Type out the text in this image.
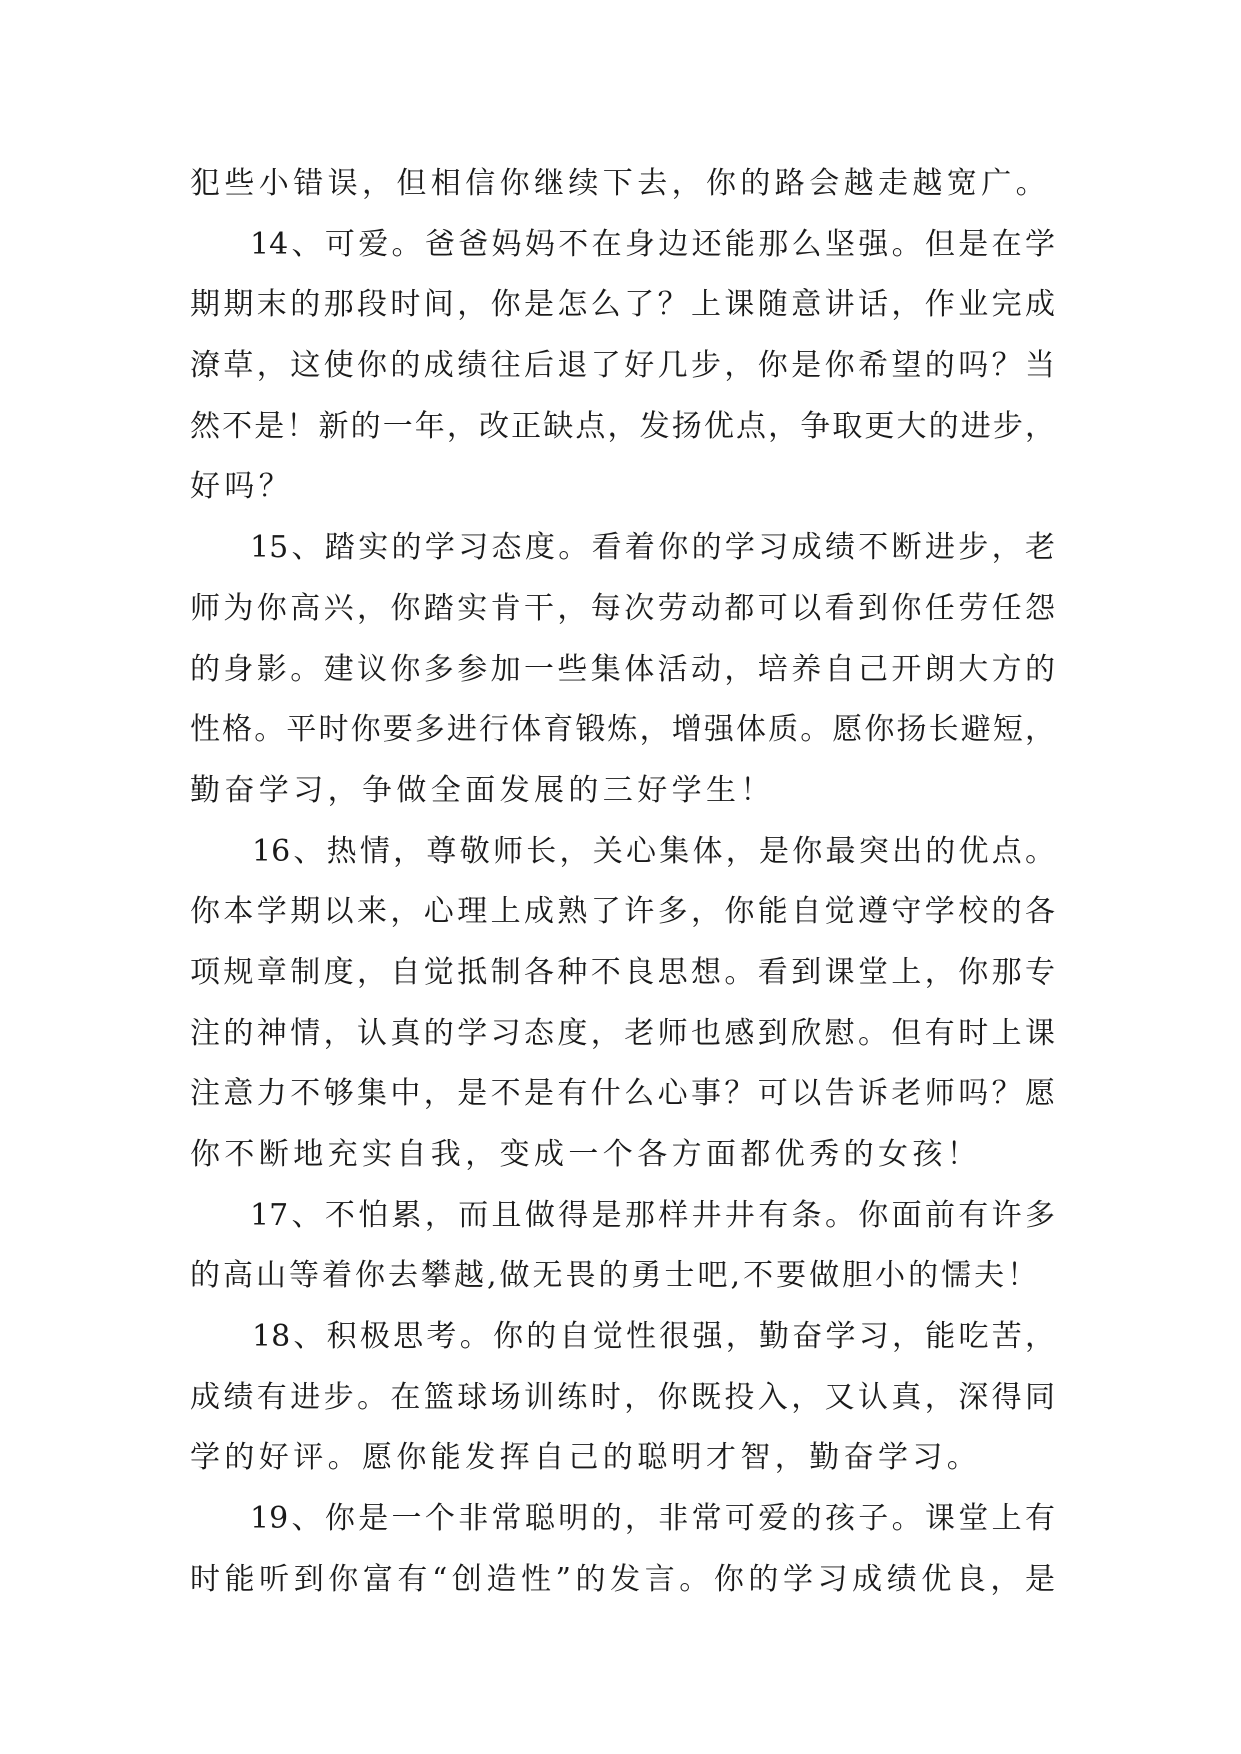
犯些小错误，但相信你继续下去，你的路会越走越宽广。
14、可爱。爸爸妈妈不在身边还能那么坚强。但是在学
期期末的那段时间，你是怎么了？上课随意讲话，作业完成
潦草，这使你的成绩往后退了好几步，你是你希望的吗？当
然不是！新的一年，改正缺点，发扬优点，争取更大的进步，
好吗？
15、踏实的学习态度。看着你的学习成绩不断进步，老
师为你高兴，你踏实肯干，每次劳动都可以看到你任劳任怨
的身影。建议你多参加一些集体活动，培养自己开朗大方的
性格。平时你要多进行体育锻炼，增强体质。愿你扬长避短，
勤奋学习，争做全面发展的三好学生！
16、热情，尊敬师长，关心集体，是你最突出的优点。
你本学期以来，心理上成熟了许多，你能自觉遵守学校的各
项规章制度，自觉抵制各种不良思想。看到课堂上，你那专
注的神情，认真的学习态度，老师也感到欣慰。但有时上课
注意力不够集中，是不是有什么心事？可以告诉老师吗？愿
你不断地充实自我，变成一个各方面都优秀的女孩！
17、不怕累，而且做得是那样井井有条。你面前有许多
的高山等着你去攀越,做无畏的勇士吧,不要做胆小的懦夫！
18、积极思考。你的自觉性很强，勤奋学习，能吃苦，
成绩有进步。在篮球场训练时，你既投入，又认真，深得同
学的好评。愿你能发挥自己的聪明才智，勤奋学习。
19、你是一个非常聪明的，非常可爱的孩子。课堂上有
时能听到你富有“创造性”的发言。你的学习成绩优良，是
